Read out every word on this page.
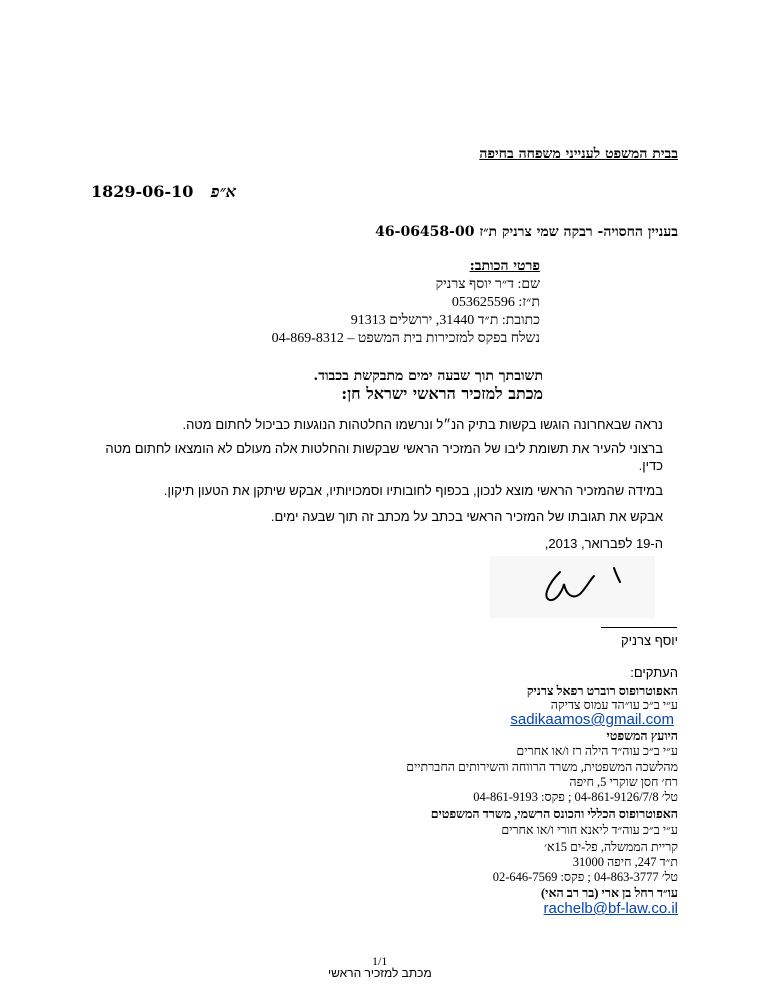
בבית המשפט לענייני משפחה בחיפה
1829-06-10 א״פ
בעניין החסויה- רבקה שמי צרניק ת״ז 46-06458-00
פרטי הכותב:
שם: ד״ר יוסף צרניק
ת״ז: 053625596
כתובת: ת״ד 31440, ירושלים 91313
נשלח בפקס למזכירות בית המשפט – 04-869-8312
תשובתך תוך שבעה ימים מתבקשת בכבוד.
מכתב למזכיר הראשי ישראל חן:
נראה שבאחרונה הוגשו בקשות בתיק הנ״ל ונרשמו החלטהות הנוגעות כביכול לחתום מטה.
ברצוני להעיר את תשומת ליבו של המזכיר הראשי שבקשות והחלטות אלה מעולם לא הומצאו לחתום מטה
כדין.
במידה שהמזכיר הראשי מוצא לנכון, בכפוף לחובותיו וסמכויותיו, אבקש שיתקן את הטעון תיקון.
אבקש את תגובתו של המזכיר הראשי בכתב על מכתב זה תוך שבעה ימים.
ה-19 לפברואר, 2013,
יוסף צרניק
העתקים:
האפוטרופוס רוברט רפאל צרניק
ע״י ב״כ עו״הד עמוס צדיקה
sadikaamos@gmail.com
היועץ המשפטי
ע״י ב״כ עוה״ד הילה רז ו/או אחרים
מהלשכה המשפטית, משרד הרווחה והשירותים החברתיים
רח׳ חסן שוקרי 5, חיפה
טל׳ 04-861-9126/7/8 ; פקס: 04-861-9193
האפוטרופוס הכללי והכונס הרשמי, משרד המשפטים
ע״י ב״כ עוה״ד ליאנא חורי ו/או אחרים
קריית הממשלה, פל-ים 15א׳
ת״ד 247, חיפה 31000
טל׳ 04-863-3777 ; פקס: 02-646-7569
עו״ד רחל בן ארי (בר רב האי)
rachelb@bf-law.co.il
1/1
מכתב למזכיר הראשי
